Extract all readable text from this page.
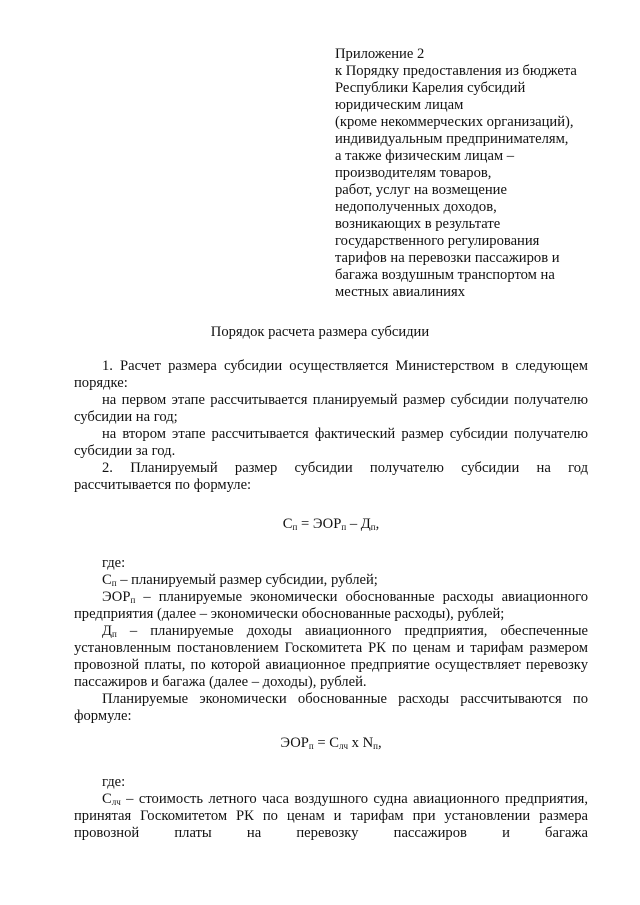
Приложение 2
к Порядку предоставления из бюджета
Республики Карелия субсидий
юридическим лицам
(кроме некоммерческих организаций),
индивидуальным предпринимателям,
а также физическим лицам –
производителям товаров,
работ, услуг на возмещение
недополученных доходов,
возникающих в результате
государственного регулирования
тарифов на перевозки пассажиров и
багажа воздушным транспортом на
местных авиалиниях
Порядок расчета размера субсидии

1. Расчет размера субсидии осуществляется Министерством в следующем порядке:

на первом этапе рассчитывается планируемый размер субсидии получателю субсидии на год;

на втором этапе рассчитывается фактический размер субсидии получателю субсидии за год.

2. Планируемый размер субсидии получателю субсидии на год рассчитывается по формуле:

$С_п = ЭОР_п - Д_п$,

где:

$С_п$ – планируемый размер субсидии, рублей;

$ЭОР_п$ – планируемые экономически обоснованные расходы авиационного предприятия (далее – экономически обоснованные расходы), рублей;

$Д_п$ – планируемые доходы авиационного предприятия, обеспеченные установленным постановлением Госкомитета РК по ценам и тарифам размером провозной платы, по которой авиационное предприятие осуществляет перевозку пассажиров и багажа (далее – доходы), рублей.

Планируемые экономически обоснованные расходы рассчитываются по формуле:

$ЭОР_п = С_{лч}$ х $N_п$,

где:

$С_{лч}$ – стоимость летного часа воздушного судна авиационного предприятия, принятая Госкомитетом РК по ценам и тарифам при установлении размера провозной платы на перевозку пассажиров и багажа
